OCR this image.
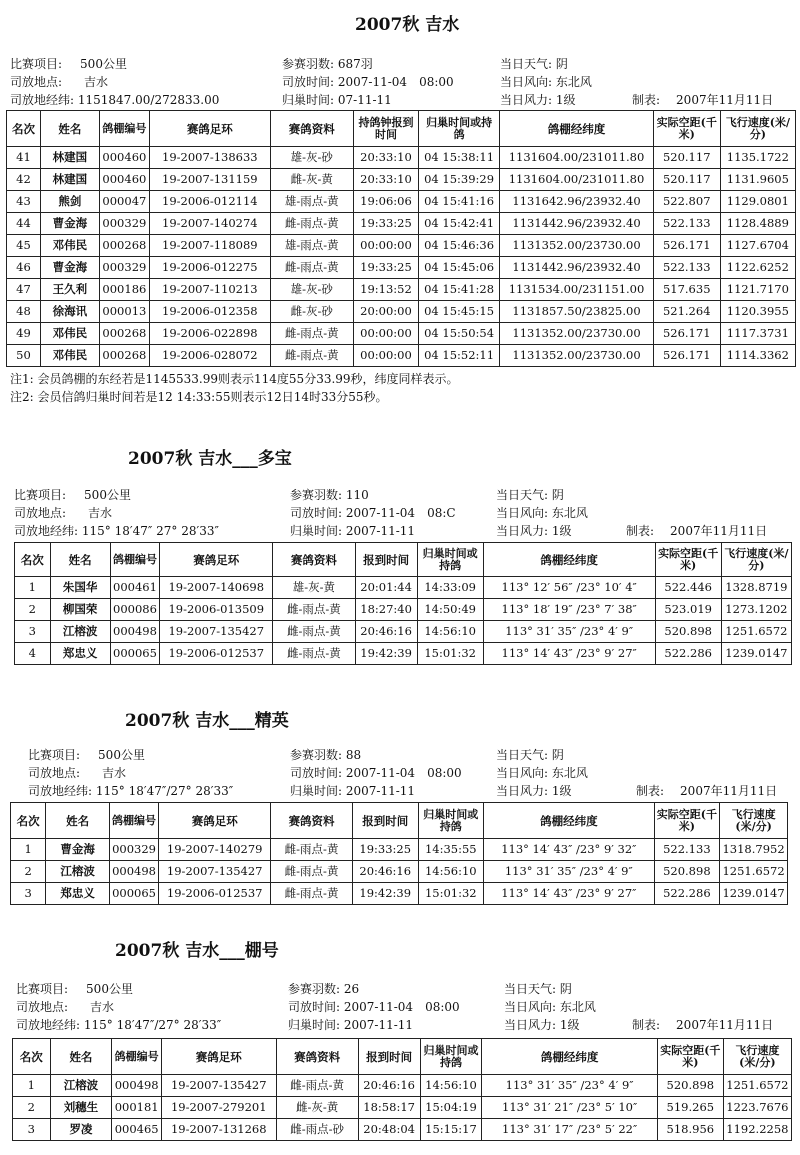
2007秋 吉水
比赛项目: 500公里	参赛羽数: 687羽	当日天气: 阴
司放地点: 吉水	司放时间: 2007-11-04　08:00	当日风向: 东北风
司放地经纬: 1151847.00/272833.00	归巢时间: 07-11-11	当日风力: 1级	制表: 2007年11月11日
名次	姓名	鸽棚编号	赛鸽足环	赛鸽资料	持鸽钟报到时间	归巢时间或持鸽	鸽棚经纬度	实际空距(千米)	飞行速度(米/分)
41	林建国	000460	19-2007-138633	雄-灰-砂	20:33:10	04 15:38:11	1131604.00/231011.80	520.117	1135.1722
42	林建国	000460	19-2007-131159	雌-灰-黄	20:33:10	04 15:39:29	1131604.00/231011.80	520.117	1131.9605
43	熊剑	000047	19-2006-012114	雄-雨点-黄	19:06:06	04 15:41:16	1131642.96/23932.40	522.807	1129.0801
44	曹金海	000329	19-2007-140274	雌-雨点-黄	19:33:25	04 15:42:41	1131442.96/23932.40	522.133	1128.4889
45	邓伟民	000268	19-2007-118089	雄-雨点-黄	00:00:00	04 15:46:36	1131352.00/23730.00	526.171	1127.6704
46	曹金海	000329	19-2006-012275	雌-雨点-黄	19:33:25	04 15:45:06	1131442.96/23932.40	522.133	1122.6252
47	王久利	000186	19-2007-110213	雄-灰-砂	19:13:52	04 15:41:28	1131534.00/231151.00	517.635	1121.7170
48	徐海讯	000013	19-2006-012358	雌-灰-砂	20:00:00	04 15:45:15	1131857.50/23825.00	521.264	1120.3955
49	邓伟民	000268	19-2006-022898	雌-雨点-黄	00:00:00	04 15:50:54	1131352.00/23730.00	526.171	1117.3731
50	邓伟民	000268	19-2006-028072	雌-雨点-黄	00:00:00	04 15:52:11	1131352.00/23730.00	526.171	1114.3362
注1: 会员鸽棚的东经若是1145533.99则表示114度55分33.99秒，纬度同样表示。
注2: 会员信鸽归巢时间若是12 14:33:55则表示12日14时33分55秒。
2007秋 吉水___多宝
比赛项目: 500公里	参赛羽数: 110	当日天气: 阴
司放地点: 吉水	司放时间: 2007-11-04　08:C	当日风向: 东北风
司放地经纬: 115° 18′47″ 27° 28′33″	归巢时间: 2007-11-11	当日风力: 1级	制表: 2007年11月11日
名次	姓名	鸽棚编号	赛鸽足环	赛鸽资料	报到时间	归巢时间或持鸽	鸽棚经纬度	实际空距(千米)	飞行速度(米/分)
1	朱国华	000461	19-2007-140698	雄-灰-黄	20:01:44	14:33:09	113° 12′ 56″ /23° 10′ 4″	522.446	1328.8719
2	柳国荣	000086	19-2006-013509	雌-雨点-黄	18:27:40	14:50:49	113° 18′ 19″ /23° 7′ 38″	523.019	1273.1202
3	江榕波	000498	19-2007-135427	雌-雨点-黄	20:46:16	14:56:10	113° 31′ 35″ /23° 4′ 9″	520.898	1251.6572
4	郑忠义	000065	19-2006-012537	雌-雨点-黄	19:42:39	15:01:32	113° 14′ 43″ /23° 9′ 27″	522.286	1239.0147
2007秋 吉水___精英
比赛项目: 500公里	参赛羽数: 88	当日天气: 阴
司放地点: 吉水	司放时间: 2007-11-04　08:00	当日风向: 东北风
司放地经纬: 115° 18′47″/27° 28′33″	归巢时间: 2007-11-11	当日风力: 1级	制表: 2007年11月11日
名次	姓名	鸽棚编号	赛鸽足环	赛鸽资料	报到时间	归巢时间或持鸽	鸽棚经纬度	实际空距(千米)	飞行速度(米/分)
1	曹金海	000329	19-2007-140279	雌-雨点-黄	19:33:25	14:35:55	113° 14′ 43″ /23° 9′ 32″	522.133	1318.7952
2	江榕波	000498	19-2007-135427	雌-雨点-黄	20:46:16	14:56:10	113° 31′ 35″ /23° 4′ 9″	520.898	1251.6572
3	郑忠义	000065	19-2006-012537	雌-雨点-黄	19:42:39	15:01:32	113° 14′ 43″ /23° 9′ 27″	522.286	1239.0147
2007秋 吉水___棚号
比赛项目: 500公里	参赛羽数: 26	当日天气: 阴
司放地点: 吉水	司放时间: 2007-11-04　08:00	当日风向: 东北风
司放地经纬: 115° 18′47″/27° 28′33″	归巢时间: 2007-11-11	当日风力: 1级	制表: 2007年11月11日
名次	姓名	鸽棚编号	赛鸽足环	赛鸽资料	报到时间	归巢时间或持鸽	鸽棚经纬度	实际空距(千米)	飞行速度(米/分)
1	江榕波	000498	19-2007-135427	雌-雨点-黄	20:46:16	14:56:10	113° 31′ 35″ /23° 4′ 9″	520.898	1251.6572
2	刘穗生	000181	19-2007-279201	雌-灰-黄	18:58:17	15:04:19	113° 31′ 21″ /23° 5′ 10″	519.265	1223.7676
3	罗凌	000465	19-2007-131268	雌-雨点-砂	20:48:04	15:15:17	113° 31′ 17″ /23° 5′ 22″	518.956	1192.2258
